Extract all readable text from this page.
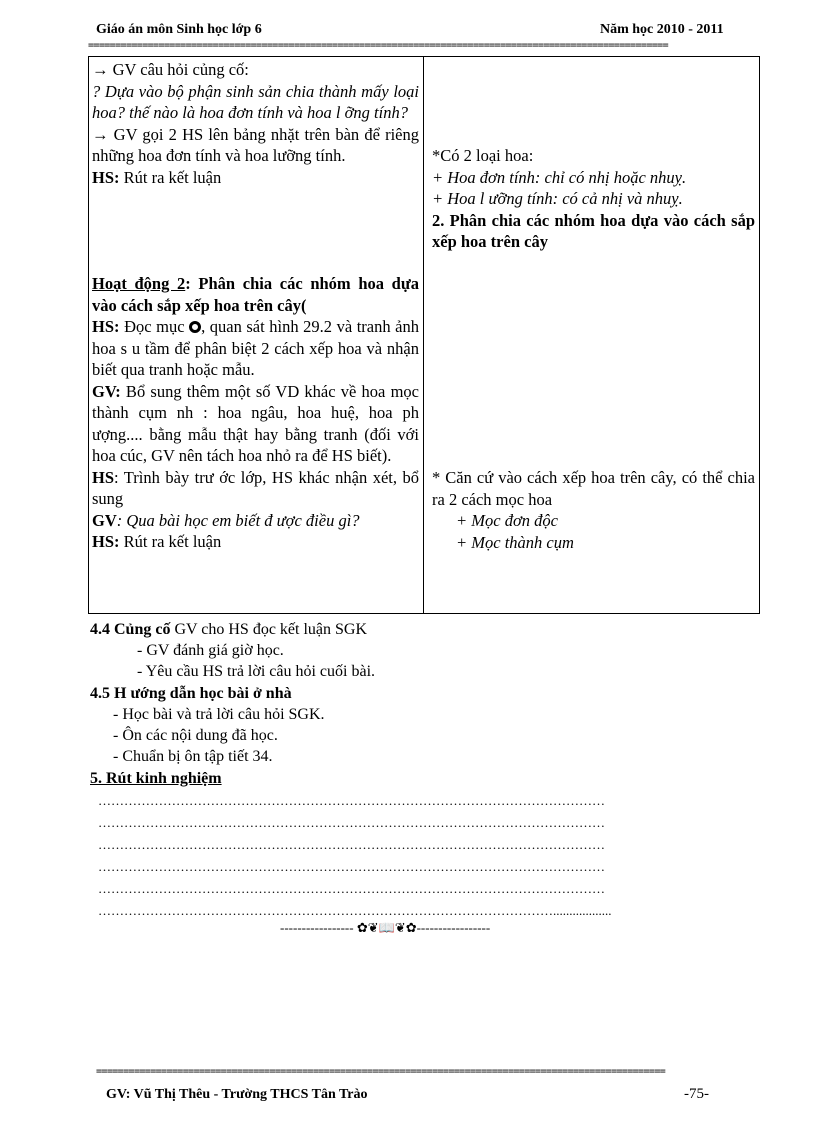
Giáo án môn Sinh học lớp 6	Năm học 2010 - 2011
===========================================================================================================
→ GV câu hỏi củng cố:
? Dựa vào bộ phận sinh sản chia thành mấy loại hoa? thế nào là hoa đơn tính và hoa l ỡng tính?
→ GV gọi 2 HS lên bảng nhặt trên bàn để riêng những hoa đơn tính và hoa lưỡng tính.
HS: Rút ra kết luận
Hoạt động 2: Phân chia các nhóm hoa dựa vào cách sắp xếp hoa trên cây(
HS: Đọc mục , quan sát hình 29.2 và tranh ảnh hoa s u tầm để phân biệt 2 cách xếp hoa và nhận biết qua tranh hoặc mẫu.
GV: Bổ sung thêm một số VD khác về hoa mọc thành cụm nh : hoa ngâu, hoa huệ, hoa ph ượng.... bằng mẫu thật hay bằng tranh (đối với hoa cúc, GV nên tách hoa nhỏ ra để HS biết).
HS: Trình bày trư ớc lớp, HS khác nhận xét, bổ sung
GV: Qua bài học em biết đ ược điều gì?
HS: Rút ra kết luận
*Có 2 loại hoa:
+ Hoa đơn tính: chỉ có nhị hoặc nhuỵ.
+ Hoa l ưỡng tính: có cả nhị và nhuỵ.
2. Phân chia các nhóm hoa dựa vào cách sắp xếp hoa trên cây
* Căn cứ vào cách xếp hoa trên cây, có thể chia ra 2 cách mọc hoa
+ Mọc đơn độc
+ Mọc thành cụm
4.4 Củng cố GV cho HS đọc kết luận SGK
- GV đánh giá giờ học.
- Yêu cầu HS trả lời câu hỏi cuối bài.
4.5 H ướng dẫn học bài ở nhà
- Học bài và trả lời câu hỏi SGK.
- Ôn các nội dung đã học.
- Chuẩn bị ôn tập tiết 34.
5. Rút kinh nghiệm
………………………………………………………………………………………………………
………………………………………………………………………………………………………
………………………………………………………………………………………………………
………………………………………………………………………………………………………
………………………………………………………………………………………………………
……………………………………………………………………………………………..................
----------------- ✿❦📖❦✿-----------------
=========================================================================================================
GV: Vũ Thị Thêu - Trường THCS Tân Trào	-75-
